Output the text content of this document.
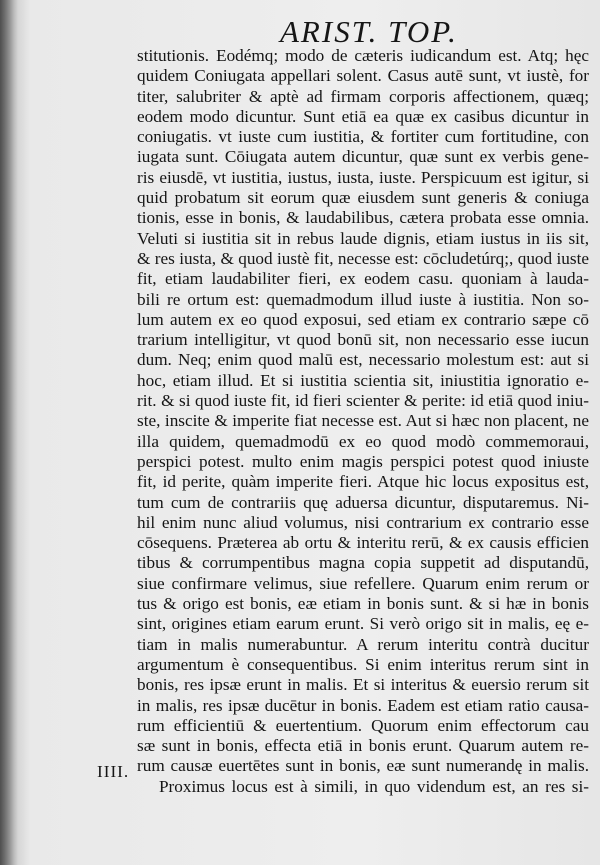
ARIST. TOP.
stitutionis. Eodémq; modo de cæteris iudicandum est. Atq; hęc
quidem Coniugata appellari solent. Casus autē sunt, vt iustè, for
titer, salubriter & aptè ad firmam corporis affectionem, quæq;
eodem modo dicuntur. Sunt etiā ea quæ ex casibus dicuntur in
coniugatis. vt iuste cum iustitia, & fortiter cum fortitudine, con
iugata sunt. Cōiugata autem dicuntur, quæ sunt ex verbis gene-
ris eiusdē, vt iustitia, iustus, iusta, iuste. Perspicuum est igitur, si
quid probatum sit eorum quæ eiusdem sunt generis & coniuga
tionis, esse in bonis, & laudabilibus, cætera probata esse omnia.
Veluti si iustitia sit in rebus laude dignis, etiam iustus in iis sit,
& res iusta, & quod iustè fit, necesse est: cōcludetúrq;, quod iuste
fit, etiam laudabiliter fieri, ex eodem casu. quoniam à lauda-
bili re ortum est: quemadmodum illud iuste à iustitia. Non so-
lum autem ex eo quod exposui, sed etiam ex contrario sæpe cō
trarium intelligitur, vt quod bonū sit, non necessario esse iucun
dum. Neq; enim quod malū est, necessario molestum est: aut si
hoc, etiam illud. Et si iustitia scientia sit, iniustitia ignoratio e-
rit. & si quod iuste fit, id fieri scienter & perite: id etiā quod iniu-
ste, inscite & imperite fiat necesse est. Aut si hæc non placent, ne
illa quidem, quemadmodū ex eo quod modò commemoraui,
perspici potest. multo enim magis perspici potest quod iniuste
fit, id perite, quàm imperite fieri. Atque hic locus expositus est,
tum cum de contrariis quę aduersa dicuntur, disputaremus. Ni-
hil enim nunc aliud volumus, nisi contrarium ex contrario esse
cōsequens. Præterea ab ortu & interitu rerū, & ex causis efficien
tibus & corrumpentibus magna copia suppetit ad disputandū,
siue confirmare velimus, siue refellere. Quarum enim rerum or
tus & origo est bonis, eæ etiam in bonis sunt. & si hæ in bonis
sint, origines etiam earum erunt. Si verò origo sit in malis, eę e-
tiam in malis numerabuntur. A rerum interitu contrà ducitur
argumentum è consequentibus. Si enim interitus rerum sint in
bonis, res ipsæ erunt in malis. Et si interitus & euersio rerum sit
in malis, res ipsæ ducētur in bonis. Eadem est etiam ratio causa-
rum efficientiū & euertentium. Quorum enim effectorum cau
sæ sunt in bonis, effecta etiā in bonis erunt. Quarum autem re-
rum causæ euertētes sunt in bonis, eæ sunt numerandę in malis.
Proximus locus est à simili, in quo videndum est, an res si-
IIII.
